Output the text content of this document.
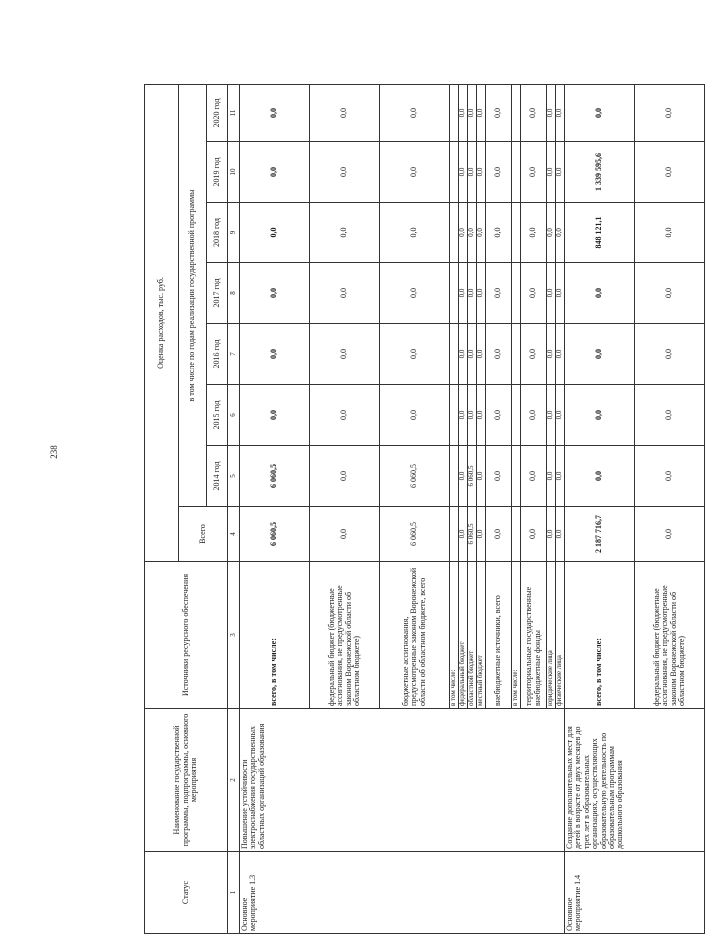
238
Статус	Наименование государственной программы, подпрограммы, основного мероприятия	Источники ресурсного обеспечения	Оценка расходов, тыс. руб.							
			Всего	в том числе по годам реализации государственной программы						
				2014 год	2015 год	2016 год	2017 год	2018 год	2019 год	2020 год
1	2	3	4	5	6	7	8	9	10	11
Основное мероприятие 1.3	Повышение устойчивости электроснабжения государственных областных организаций образования	всего, в том числе:	6 060,5	6 060,5	0,0	0,0	0,0	0,0	0,0	0,0
		федеральный бюджет (бюджетные ассигнования, не предусмотренные законом Воронежской области об областном бюджете)	0,0	0,0	0,0	0,0	0,0	0,0	0,0	0,0
		бюджетные ассигнования, предусмотренные законом Воронежской области об областном бюджете, всего	6 060,5	6 060,5	0,0	0,0	0,0	0,0	0,0	0,0
		в том числе:								
		федеральный бюджет	0,0	0,0	0,0	0,0	0,0	0,0	0,0	0,0
		областной бюджет	6 060,5	6 060,5	0,0	0,0	0,0	0,0	0,0	0,0
		местный бюджет	0,0	0,0	0,0	0,0	0,0	0,0	0,0	0,0
		внебюджетные источники, всего	0,0	0,0	0,0	0,0	0,0	0,0	0,0	0,0
		в том числе:								
		территориальные государственные внебюджетные фонды	0,0	0,0	0,0	0,0	0,0	0,0	0,0	0,0
		юридические лица	0,0	0,0	0,0	0,0	0,0	0,0	0,0	0,0
		физические лица	0,0	0,0	0,0	0,0	0,0	0,0	0,0	0,0
Основное мероприятие 1.4	Создание дополнительных мест для детей в возрасте от двух месяцев до трех лет в образовательных организациях, осуществляющих образовательную деятельность по образовательным программам дошкольного образования	всего, в том числе:	2 187 716,7	0,0	0,0	0,0	0,0	848 121,1	1 339 595,6	0,0
		федеральный бюджет (бюджетные ассигнования, не предусмотренные законом Воронежской области об областном бюджете)	0,0	0,0	0,0	0,0	0,0	0,0	0,0	0,0
